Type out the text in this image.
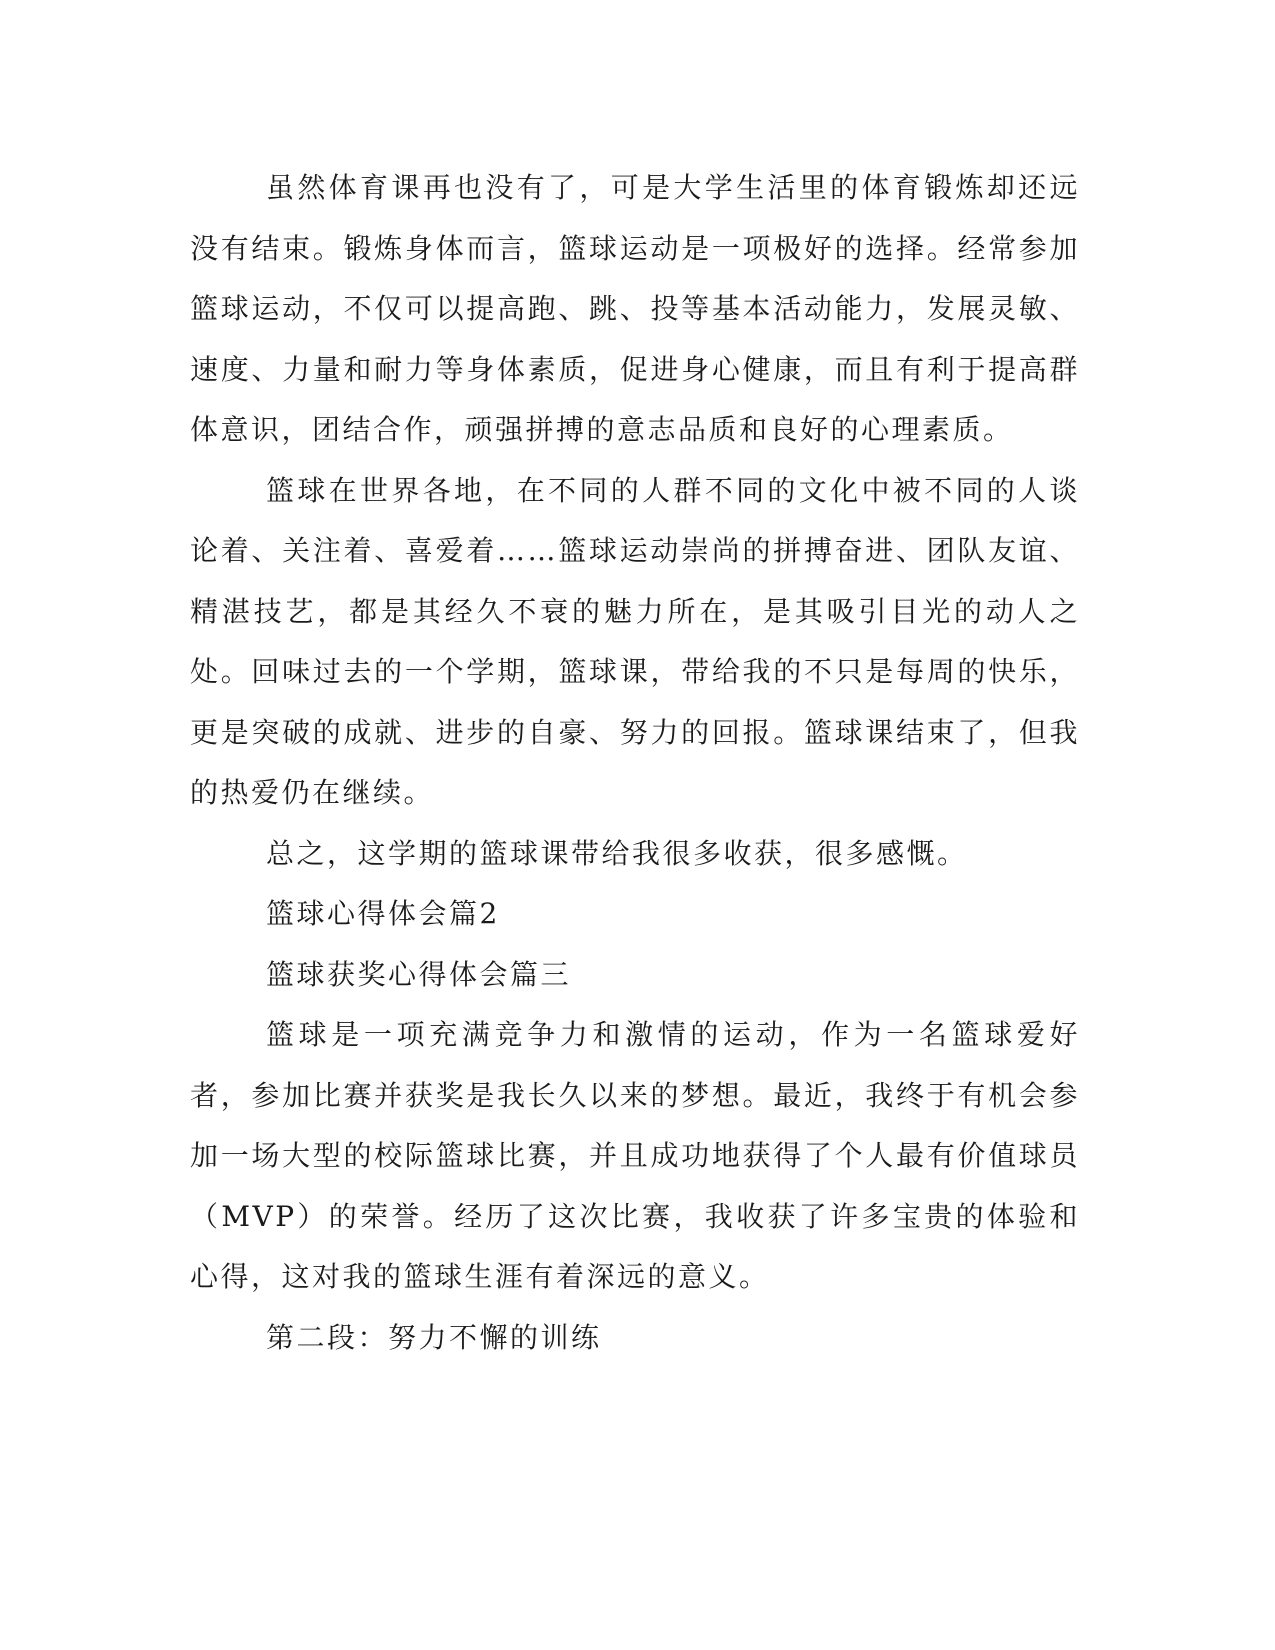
虽然体育课再也没有了，可是大学生活里的体育锻炼却还远没有结束。锻炼身体而言，篮球运动是一项极好的选择。经常参加篮球运动，不仅可以提高跑、跳、投等基本活动能力，发展灵敏、速度、力量和耐力等身体素质，促进身心健康，而且有利于提高群体意识，团结合作，顽强拼搏的意志品质和良好的心理素质。

篮球在世界各地，在不同的人群不同的文化中被不同的人谈论着、关注着、喜爱着……篮球运动崇尚的拼搏奋进、团队友谊、精湛技艺，都是其经久不衰的魅力所在，是其吸引目光的动人之处。回味过去的一个学期，篮球课，带给我的不只是每周的快乐，更是突破的成就、进步的自豪、努力的回报。篮球课结束了，但我的热爱仍在继续。

总之，这学期的篮球课带给我很多收获，很多感慨。

篮球心得体会篇2

篮球获奖心得体会篇三

篮球是一项充满竞争力和激情的运动，作为一名篮球爱好者，参加比赛并获奖是我长久以来的梦想。最近，我终于有机会参加一场大型的校际篮球比赛，并且成功地获得了个人最有价值球员（MVP）的荣誉。经历了这次比赛，我收获了许多宝贵的体验和心得，这对我的篮球生涯有着深远的意义。

第二段：努力不懈的训练
